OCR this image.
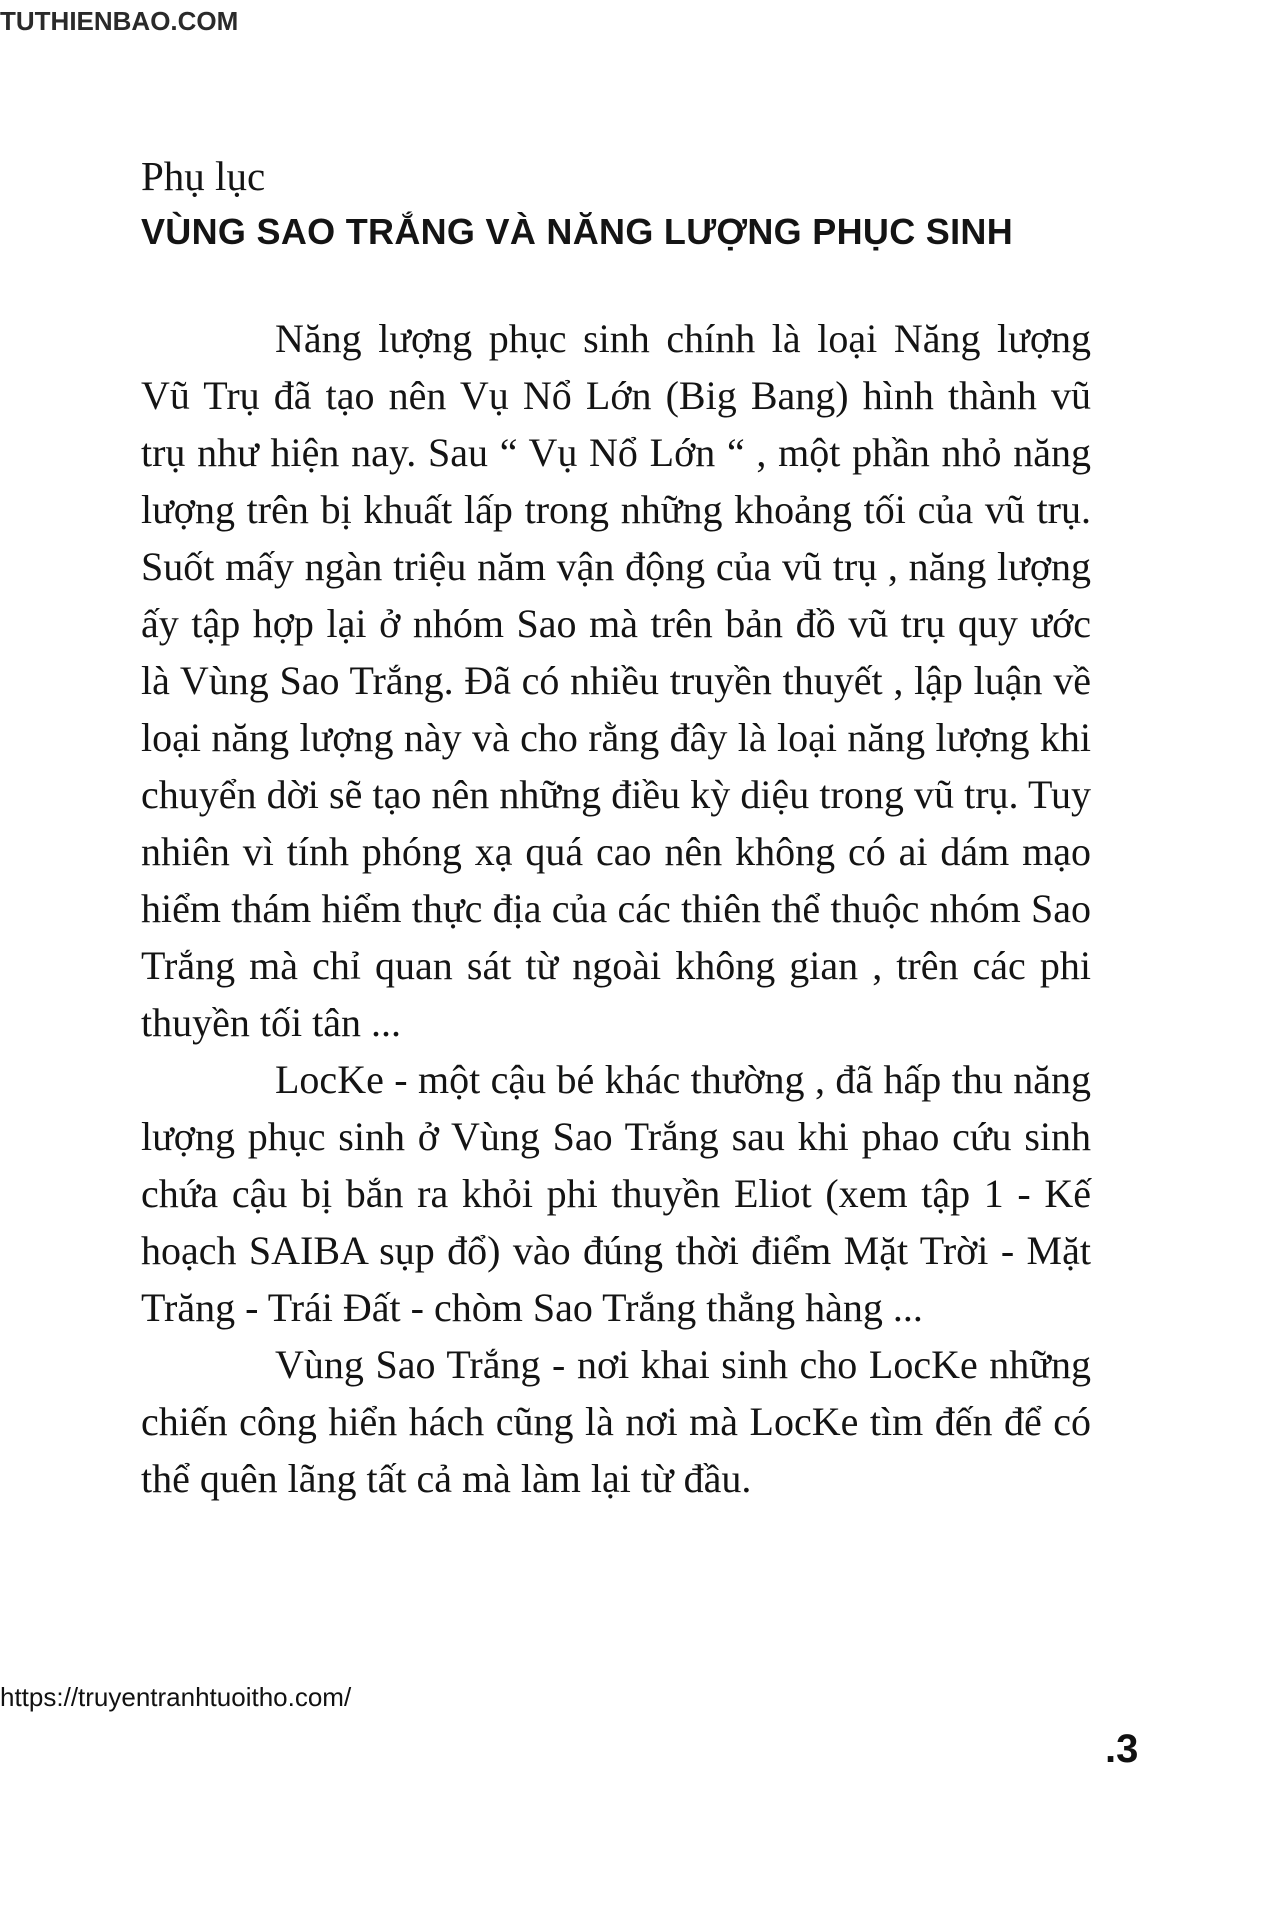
TUTHIENBAO.COM

Phụ lục

VÙNG SAO TRẮNG VÀ NĂNG LƯỢNG PHỤC SINH

Năng lượng phục sinh chính là loại Năng lượng Vũ Trụ đã tạo nên Vụ Nổ Lớn (Big Bang) hình thành vũ trụ như hiện nay. Sau “ Vụ Nổ Lớn “ , một phần nhỏ năng lượng trên bị khuất lấp trong những khoảng tối của vũ trụ. Suốt mấy ngàn triệu năm vận động của vũ trụ , năng lượng ấy tập hợp lại ở nhóm Sao mà trên bản đồ vũ trụ quy ước là Vùng Sao Trắng. Đã có nhiều truyền thuyết , lập luận về loại năng lượng này và cho rằng đây là loại năng lượng khi chuyển dời sẽ tạo nên những điều kỳ diệu trong vũ trụ. Tuy nhiên vì tính phóng xạ quá cao nên không có ai dám mạo hiểm thám hiểm thực địa của các thiên thể thuộc nhóm Sao Trắng mà chỉ quan sát từ ngoài không gian , trên các phi thuyền tối tân ...

LocKe - một cậu bé khác thường , đã hấp thu năng lượng phục sinh ở Vùng Sao Trắng sau khi phao cứu sinh chứa cậu bị bắn ra khỏi phi thuyền Eliot (xem tập 1 - Kế hoạch SAIBA sụp đổ) vào đúng thời điểm Mặt Trời - Mặt Trăng - Trái Đất - chòm Sao Trắng thẳng hàng ...

Vùng Sao Trắng - nơi khai sinh cho LocKe những chiến công hiển hách cũng là nơi mà LocKe tìm đến để có thể quên lãng tất cả mà làm lại từ đầu.

https://truyentranhtuoitho.com/
.3
